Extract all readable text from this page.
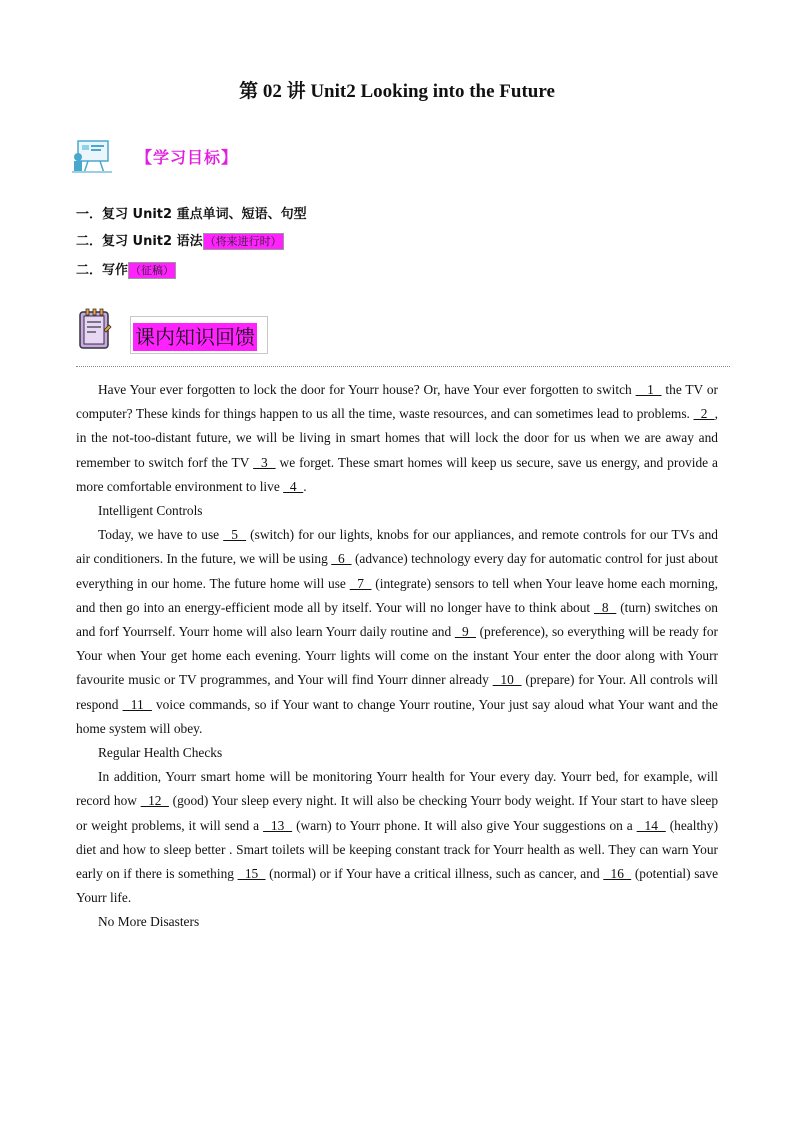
第 02 讲 Unit2 Looking into the Future
【学习目标】
一．复习 Unit2 重点单词、短语、句型
二．复习 Unit2 语法 （将来进行时）
二．写作 （征稿）
课内知识回馈

Have Your ever forgotten to lock the door for Yourr house? Or, have Your ever forgotten to switch    1   the TV or computer? These kinds for things happen to us all the time, waste resources, and can sometimes lead to problems.   2  , in the not-too-distant future, we will be living in smart homes that will lock the door for us when we are away and remember to switch forf the TV   3   we forget. These smart homes will keep us secure, save us energy, and provide a more comfortable environment to live   4  .

Intelligent Controls

Today, we have to use   5   (switch) for our lights, knobs for our appliances, and remote controls for our TVs and air conditioners. In the future, we will be using   6   (advance) technology every day for automatic control for just about everything in our home. The future home will use   7   (integrate) sensors to tell when Your leave home each morning, and then go into an energy-efficient mode all by itself. Your will no longer have to think about   8   (turn) switches on and forf Yourrself. Yourr home will also learn Yourr daily routine and   9   (preference), so everything will be ready for Your when Your get home each evening. Yourr lights will come on the instant Your enter the door along with Yourr favourite music or TV programmes, and Your will find Yourr dinner already   10   (prepare) for Your. All controls will respond   11   voice commands, so if Your want to change Yourr routine, Your just say aloud what Your want and the home system will obey.

Regular Health Checks

In addition, Yourr smart home will be monitoring Yourr health for Your every day. Yourr bed, for example, will record how   12   (good) Your sleep every night. It will also be checking Yourr body weight. If Your start to have sleep or weight problems, it will send a   13   (warn) to Yourr phone. It will also give Your suggestions on a   14   (healthy) diet and how to sleep better . Smart toilets will be keeping constant track for Yourr health as well. They can warn Your early on if there is something   15   (normal) or if Your have a critical illness, such as cancer, and   16   (potential) save Yourr life.

No More Disasters
